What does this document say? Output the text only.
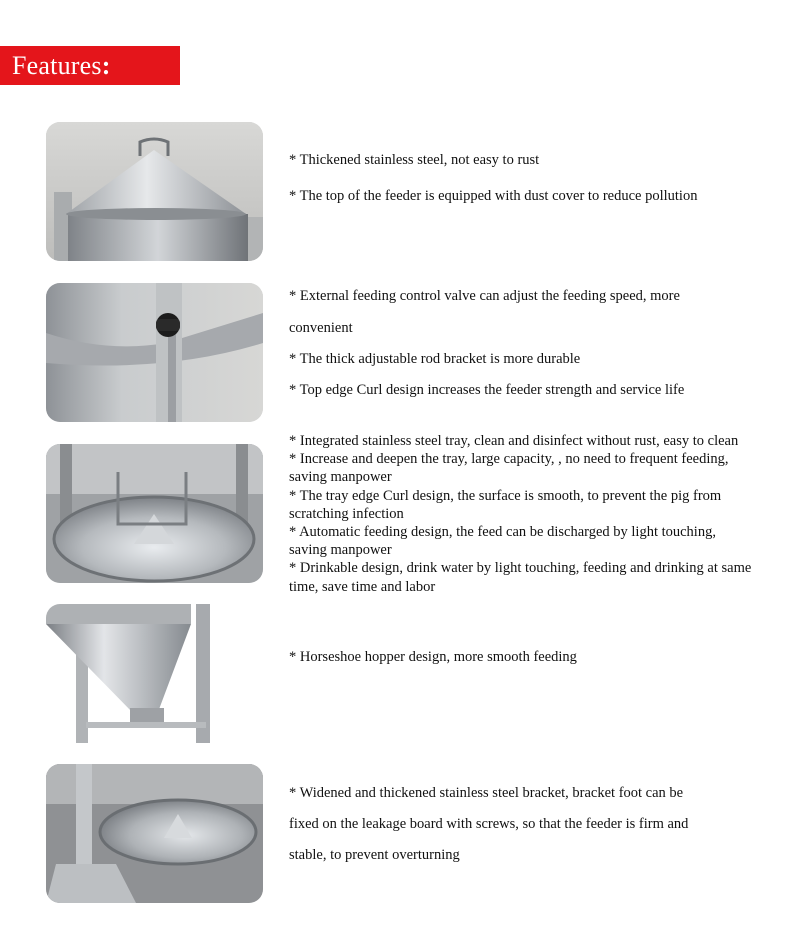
Features :

* Thickened stainless steel, not easy to rust

* The top of the feeder is equipped with dust cover to reduce pollution

* External feeding control valve can adjust the feeding speed, more

convenient

* The thick adjustable rod bracket is more durable

* Top edge Curl design increases the feeder strength and service life

* Integrated stainless steel tray, clean and disinfect without rust, easy to clean

* Increase and deepen the tray, large capacity, , no need to frequent feeding,

saving manpower

* The tray edge Curl design, the surface is smooth, to prevent the pig from

scratching infection

* Automatic feeding design, the feed can be discharged by light touching,

saving manpower

* Drinkable design, drink water by light touching, feeding and drinking at same

time, save time and labor

* Horseshoe hopper design, more smooth feeding

* Widened and thickened stainless steel bracket, bracket foot can be

fixed on the leakage board with screws, so that the feeder is firm and

stable, to prevent overturning
